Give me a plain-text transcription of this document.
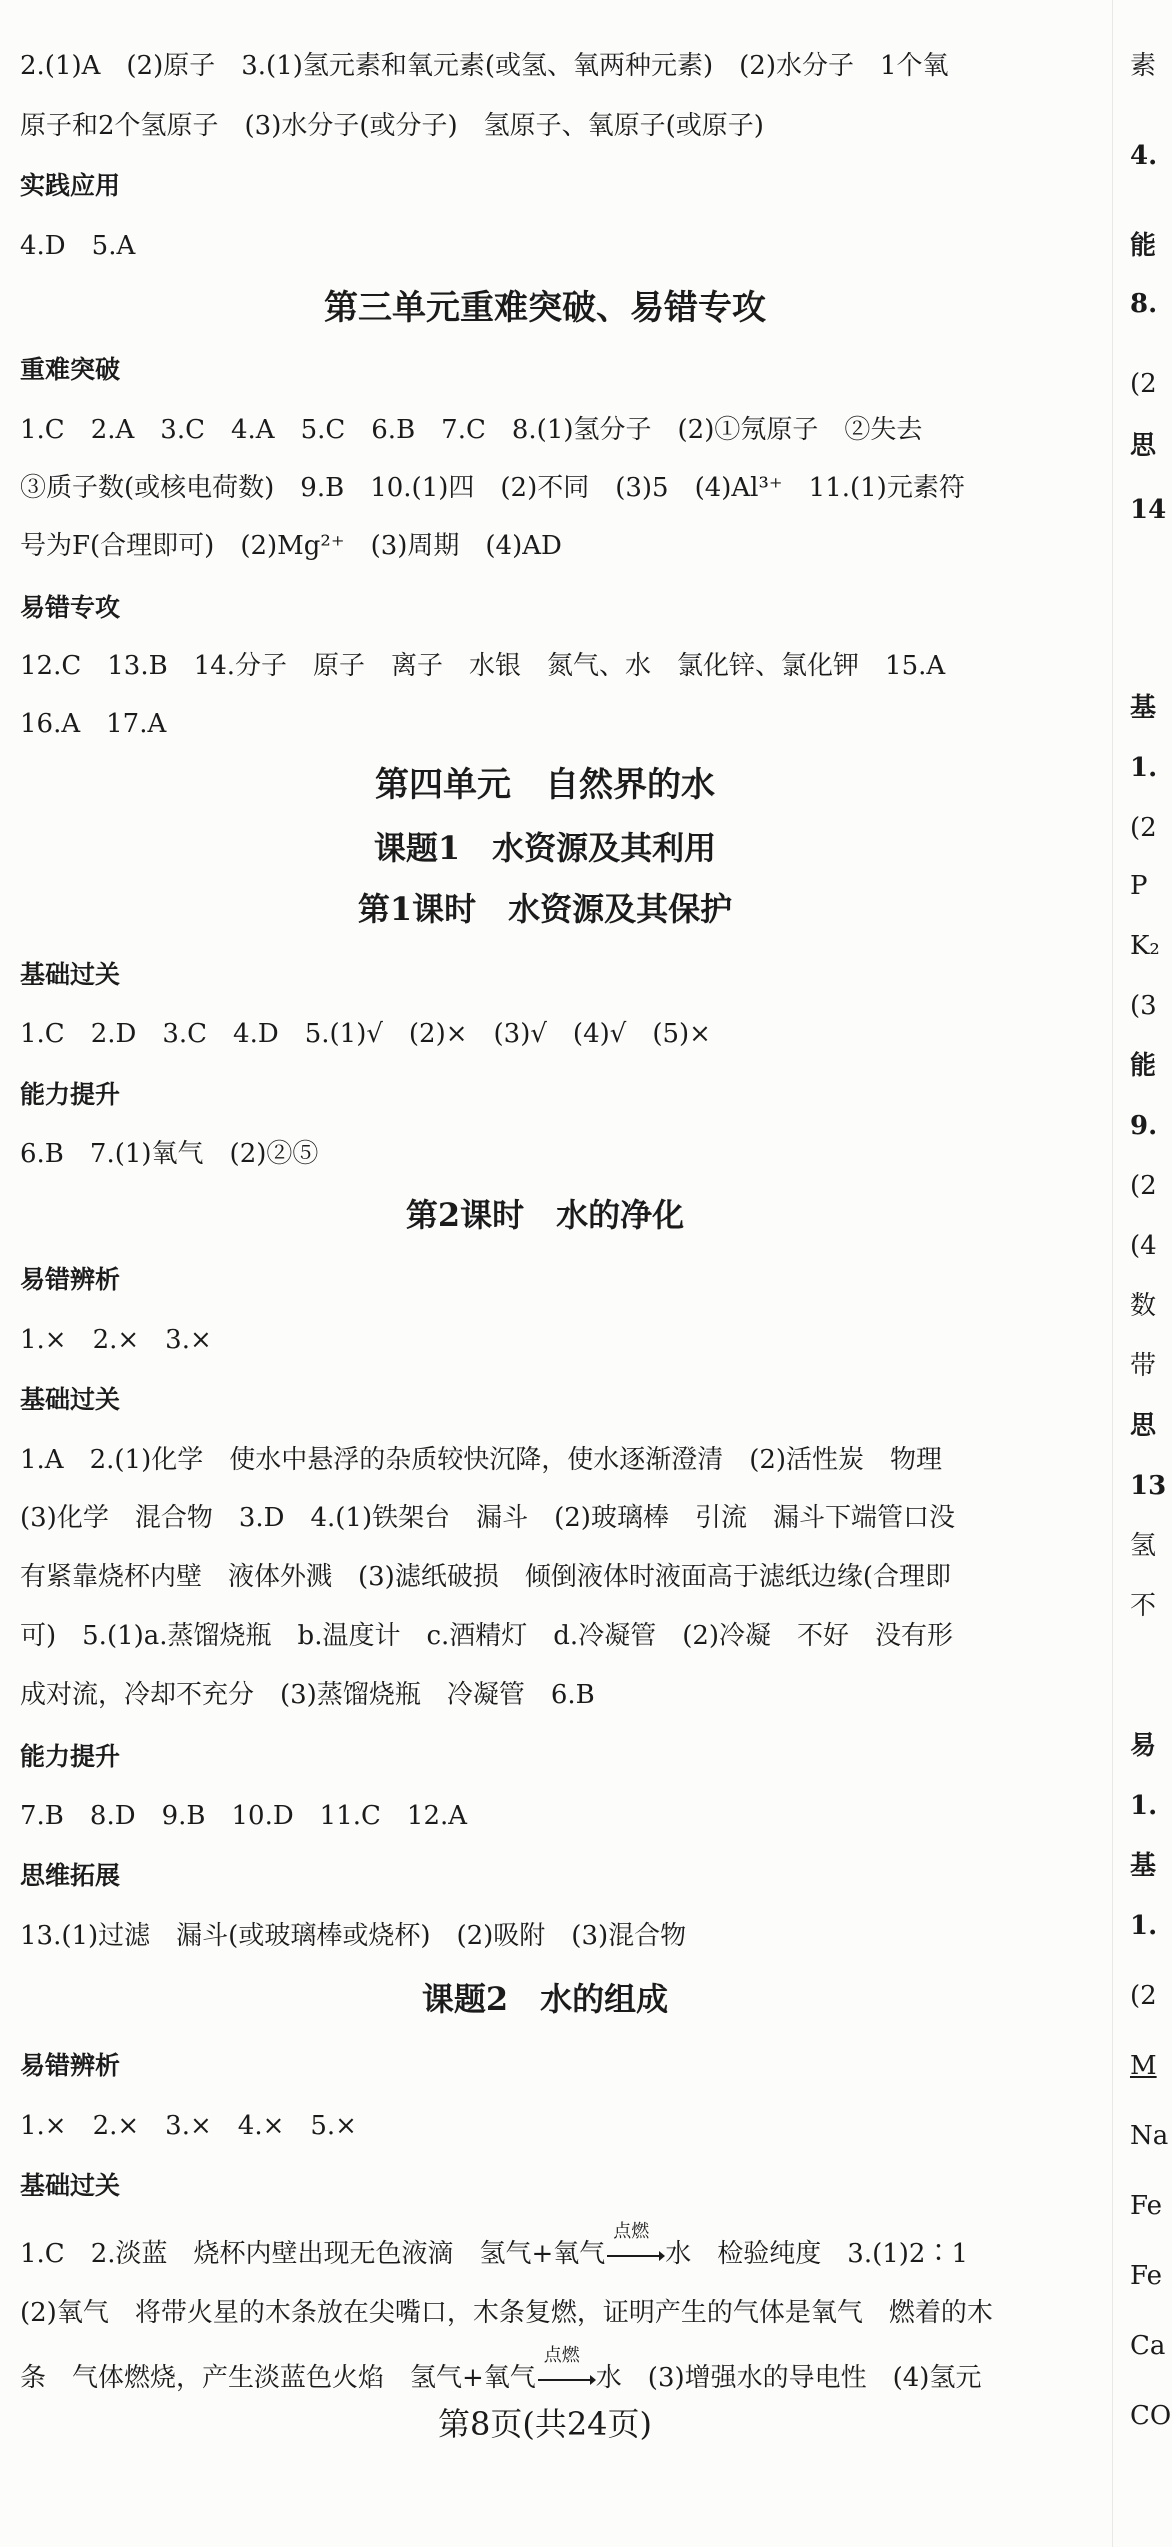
2.(1)A　(2)原子　3.(1)氢元素和氧元素(或氢、氧两种元素)　(2)水分子　1个氧
原子和2个氢原子　(3)水分子(或分子)　氢原子、氧原子(或原子)
实践应用
4.D　5.A
第三单元重难突破、易错专攻
重难突破
1.C　2.A　3.C　4.A　5.C　6.B　7.C　8.(1)氢分子　(2)①氖原子　②失去
③质子数(或核电荷数)　9.B　10.(1)四　(2)不同　(3)5　(4)Al³⁺　11.(1)元素符
号为F(合理即可)　(2)Mg²⁺　(3)周期　(4)AD
易错专攻
12.C　13.B　14.分子　原子　离子　水银　氮气、水　氯化锌、氯化钾　15.A
16.A　17.A
第四单元　自然界的水
课题1　水资源及其利用
第1课时　水资源及其保护
基础过关
1.C　2.D　3.C　4.D　5.(1)√　(2)×　(3)√　(4)√　(5)×
能力提升
6.B　7.(1)氧气　(2)②⑤
第2课时　水的净化
易错辨析
1.×　2.×　3.×
基础过关
1.A　2.(1)化学　使水中悬浮的杂质较快沉降，使水逐渐澄清　(2)活性炭　物理
(3)化学　混合物　3.D　4.(1)铁架台　漏斗　(2)玻璃棒　引流　漏斗下端管口没
有紧靠烧杯内壁　液体外溅　(3)滤纸破损　倾倒液体时液面高于滤纸边缘(合理即
可)　5.(1)a.蒸馏烧瓶　b.温度计　c.酒精灯　d.冷凝管　(2)冷凝　不好　没有形
成对流，冷却不充分　(3)蒸馏烧瓶　冷凝管　6.B
能力提升
7.B　8.D　9.B　10.D　11.C　12.A
思维拓展
13.(1)过滤　漏斗(或玻璃棒或烧杯)　(2)吸附　(3)混合物
课题2　水的组成
易错辨析
1.×　2.×　3.×　4.×　5.×
基础过关
1.C　2.淡蓝　烧杯内壁出现无色液滴　氢气+氧气
点燃
水　检验纯度　3.(1)2∶1
(2)氧气　将带火星的木条放在尖嘴口，木条复燃，证明产生的气体是氧气　燃着的木
条　气体燃烧，产生淡蓝色火焰　氢气+氧气
点燃
水　(3)增强水的导电性　(4)氢元
第8页(共24页)
素
4.
能
8.
(2
思
14
基
1.
(2
P
K₂
(3
能
9.
(2
(4
数
带
思
13
氢
不
易
1.
基
1.
(2
M
Na
Fe
Fe
Ca
CO
